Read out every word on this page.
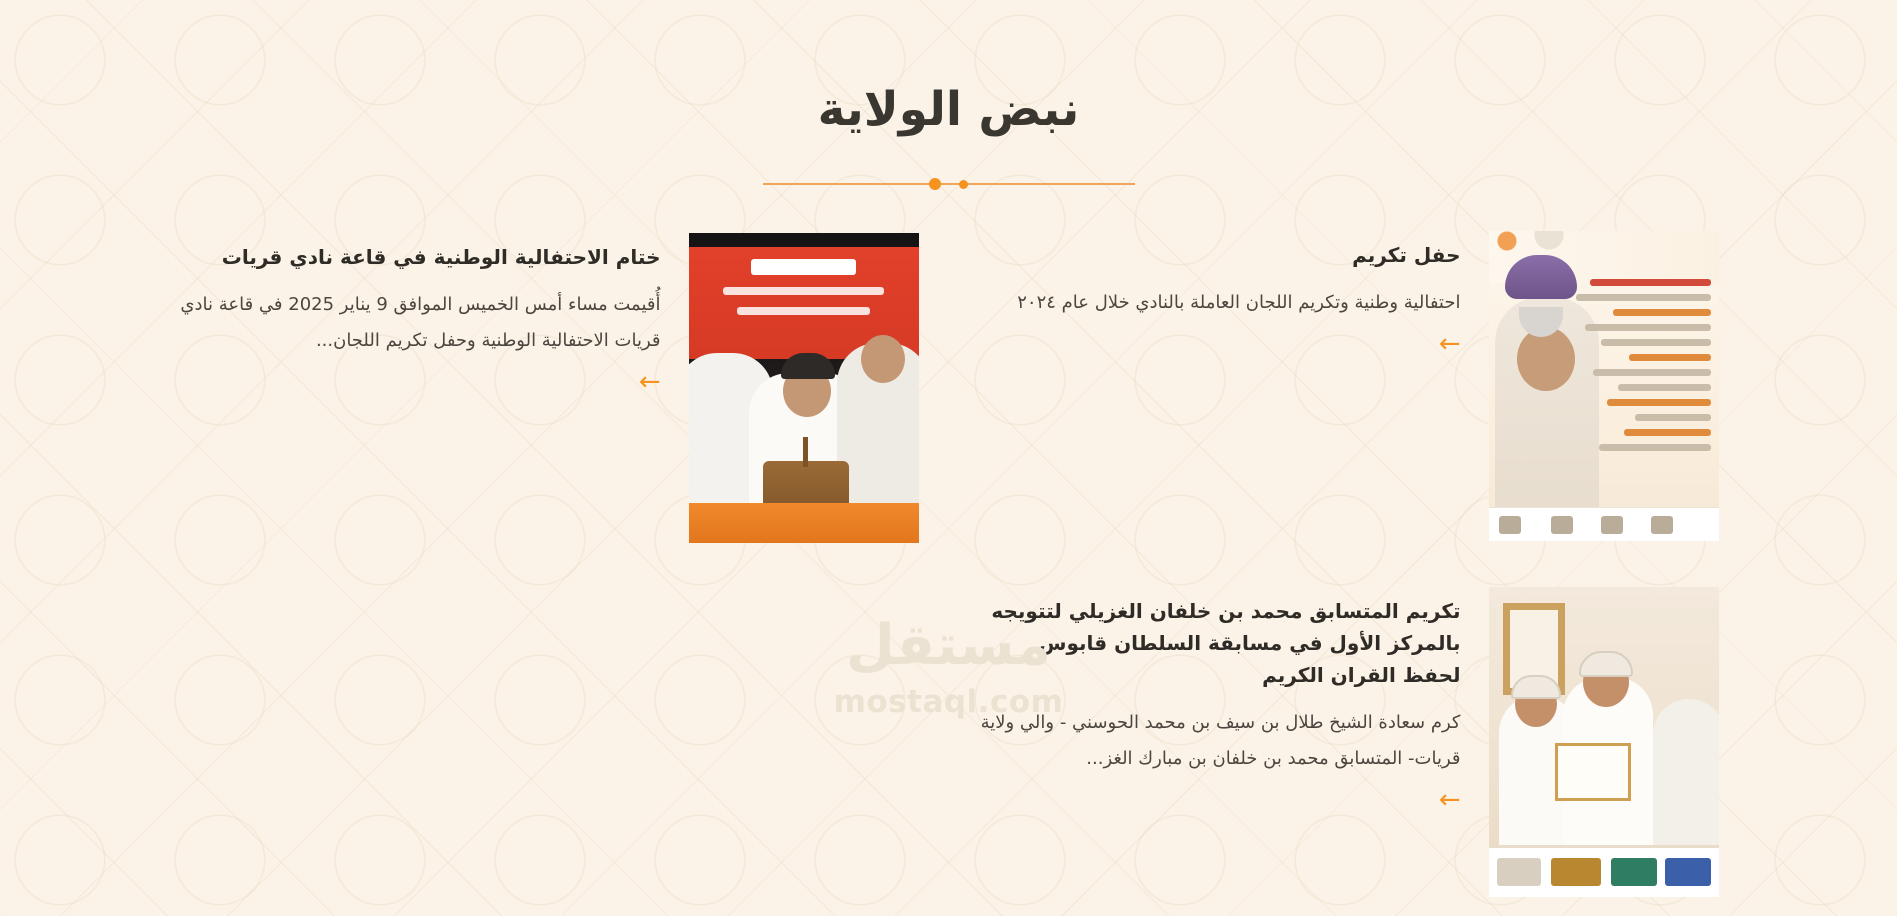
نبض الولاية
حفل تكريم

احتفالية وطنية وتكريم اللجان العاملة بالنادي خلال عام ٢٠٢٤

←
تكريم المتسابق محمد بن خلفان الغزيلي لتتويجه بالمركز الأول في مسابقة السلطان قابوس لحفظ القران الكريم

كرم سعادة الشيخ طلال بن سيف بن محمد الحوسني - والي ولاية قريات- المتسابق محمد بن خلفان بن مبارك الغز...

←
ختام الاحتفالية الوطنية في قاعة نادي قريات

أُقيمت مساء أمس الخميس الموافق 9 يناير 2025 في قاعة نادي قريات الاحتفالية الوطنية وحفل تكريم اللجان...

←
مستقل
mostaql.com
